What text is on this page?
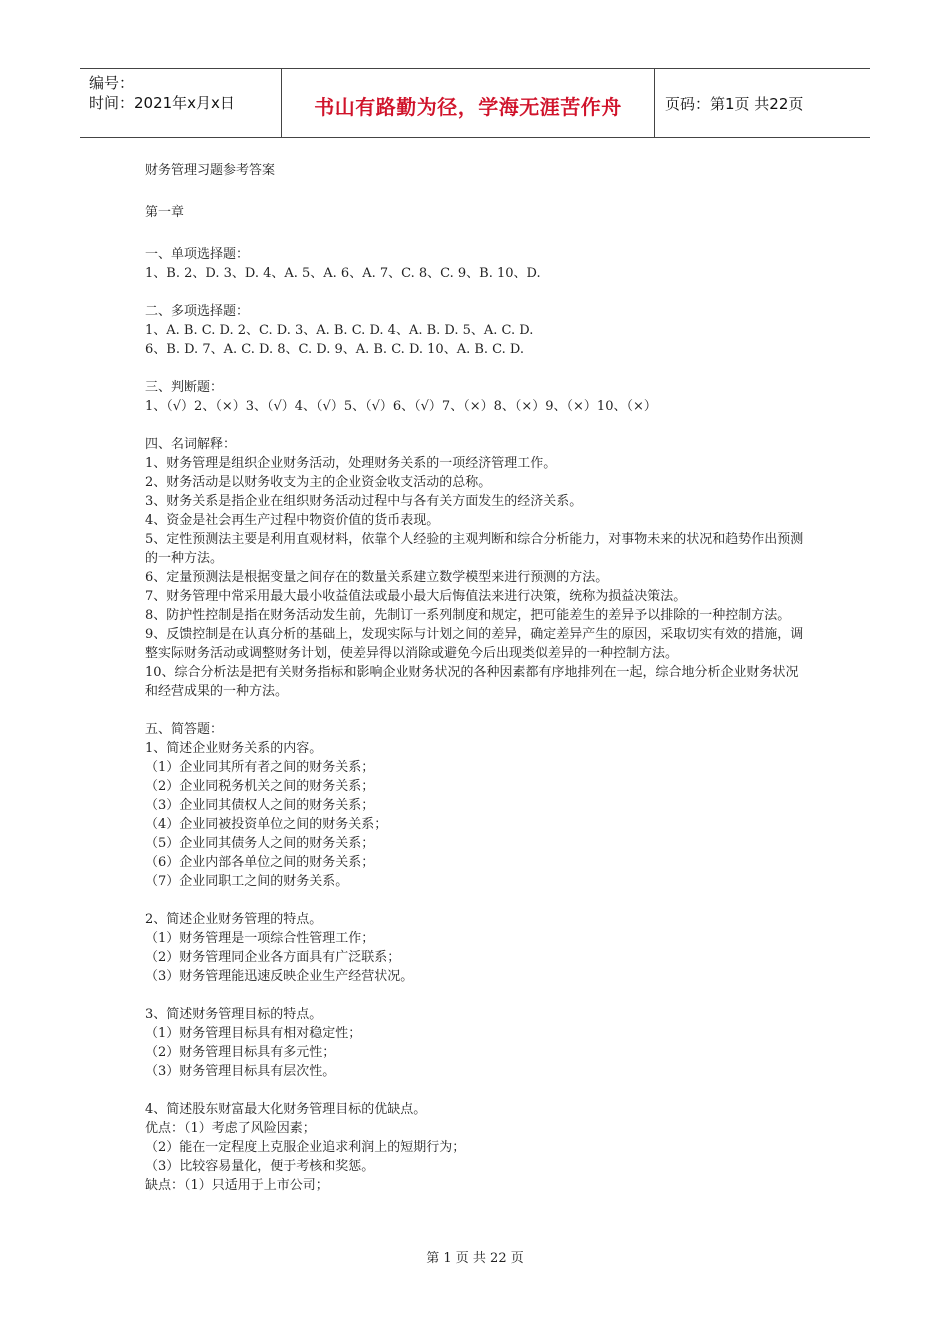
编号：
时间：2021年x月x日	书山有路勤为径，学海无涯苦作舟	页码：第1页 共22页
财务管理习题参考答案
第一章
一、单项选择题：
1、B. 2、D. 3、D. 4、A. 5、A. 6、A. 7、C. 8、C. 9、B. 10、D.
二、多项选择题：
1、A. B. C. D. 2、C. D. 3、A. B. C. D. 4、A. B. D. 5、A. C. D.
6、B. D. 7、A. C. D. 8、C. D. 9、A. B. C. D. 10、A. B. C. D.
三、判断题：
1、（√）2、（×）3、（√）4、（√）5、（√）6、（√）7、（×）8、（×）9、（×）10、（×）
四、名词解释：
1、财务管理是组织企业财务活动，处理财务关系的一项经济管理工作。
2、财务活动是以财务收支为主的企业资金收支活动的总称。
3、财务关系是指企业在组织财务活动过程中与各有关方面发生的经济关系。
4、资金是社会再生产过程中物资价值的货币表现。
5、定性预测法主要是利用直观材料，依靠个人经验的主观判断和综合分析能力，对事物未来的状况和趋势作出预测的一种方法。
6、定量预测法是根据变量之间存在的数量关系建立数学模型来进行预测的方法。
7、财务管理中常采用最大最小收益值法或最小最大后悔值法来进行决策，统称为损益决策法。
8、防护性控制是指在财务活动发生前，先制订一系列制度和规定，把可能差生的差异予以排除的一种控制方法。
9、反馈控制是在认真分析的基础上，发现实际与计划之间的差异，确定差异产生的原因，采取切实有效的措施，调整实际财务活动或调整财务计划，使差异得以消除或避免今后出现类似差异的一种控制方法。
10、综合分析法是把有关财务指标和影响企业财务状况的各种因素都有序地排列在一起，综合地分析企业财务状况和经营成果的一种方法。
五、简答题：
1、简述企业财务关系的内容。
（1）企业同其所有者之间的财务关系；
（2）企业同税务机关之间的财务关系；
（3）企业同其债权人之间的财务关系；
（4）企业同被投资单位之间的财务关系；
（5）企业同其债务人之间的财务关系；
（6）企业内部各单位之间的财务关系；
（7）企业同职工之间的财务关系。
2、简述企业财务管理的特点。
（1）财务管理是一项综合性管理工作；
（2）财务管理同企业各方面具有广泛联系；
（3）财务管理能迅速反映企业生产经营状况。
3、简述财务管理目标的特点。
（1）财务管理目标具有相对稳定性；
（2）财务管理目标具有多元性；
（3）财务管理目标具有层次性。
4、简述股东财富最大化财务管理目标的优缺点。
优点：（1）考虑了风险因素；
（2）能在一定程度上克服企业追求利润上的短期行为；
（3）比较容易量化，便于考核和奖惩。
缺点：（1）只适用于上市公司；
第 1 页 共 22 页
